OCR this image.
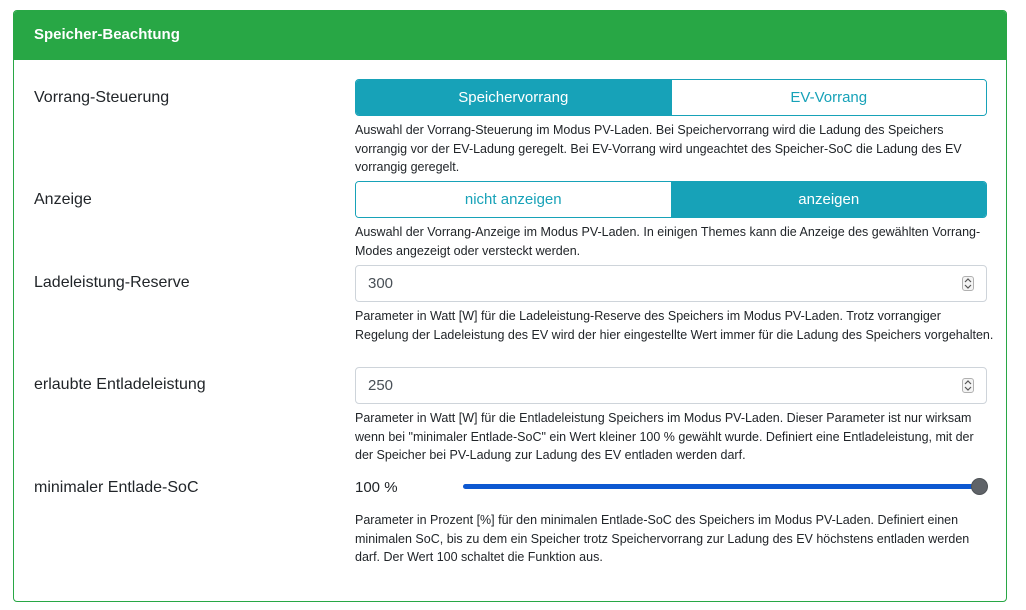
Speicher-Beachtung
Vorrang-Steuerung	Speichervorrang	EV-Vorrang
Auswahl der Vorrang-Steuerung im Modus PV-Laden. Bei Speichervorrang wird die Ladung des Speichers vorrangig vor der EV-Ladung geregelt. Bei EV-Vorrang wird ungeachtet des Speicher-SoC die Ladung des EV vorrangig geregelt.
Anzeige	nicht anzeigen	anzeigen
Auswahl der Vorrang-Anzeige im Modus PV-Laden. In einigen Themes kann die Anzeige des gewählten Vorrang-Modes angezeigt oder versteckt werden.
Ladeleistung-Reserve	300
Parameter in Watt [W] für die Ladeleistung-Reserve des Speichers im Modus PV-Laden. Trotz vorrangiger Regelung der Ladeleistung des EV wird der hier eingestellte Wert immer für die Ladung des Speichers vorgehalten.
erlaubte Entladeleistung	250
Parameter in Watt [W] für die Entladeleistung Speichers im Modus PV-Laden. Dieser Parameter ist nur wirksam wenn bei "minimaler Entlade-SoC" ein Wert kleiner 100 % gewählt wurde. Definiert eine Entladeleistung, mit der der Speicher bei PV-Ladung zur Ladung des EV entladen werden darf.
minimaler Entlade-SoC	100 %
Parameter in Prozent [%] für den minimalen Entlade-SoC des Speichers im Modus PV-Laden. Definiert einen minimalen SoC, bis zu dem ein Speicher trotz Speichervorrang zur Ladung des EV höchstens entladen werden darf. Der Wert 100 schaltet die Funktion aus.
